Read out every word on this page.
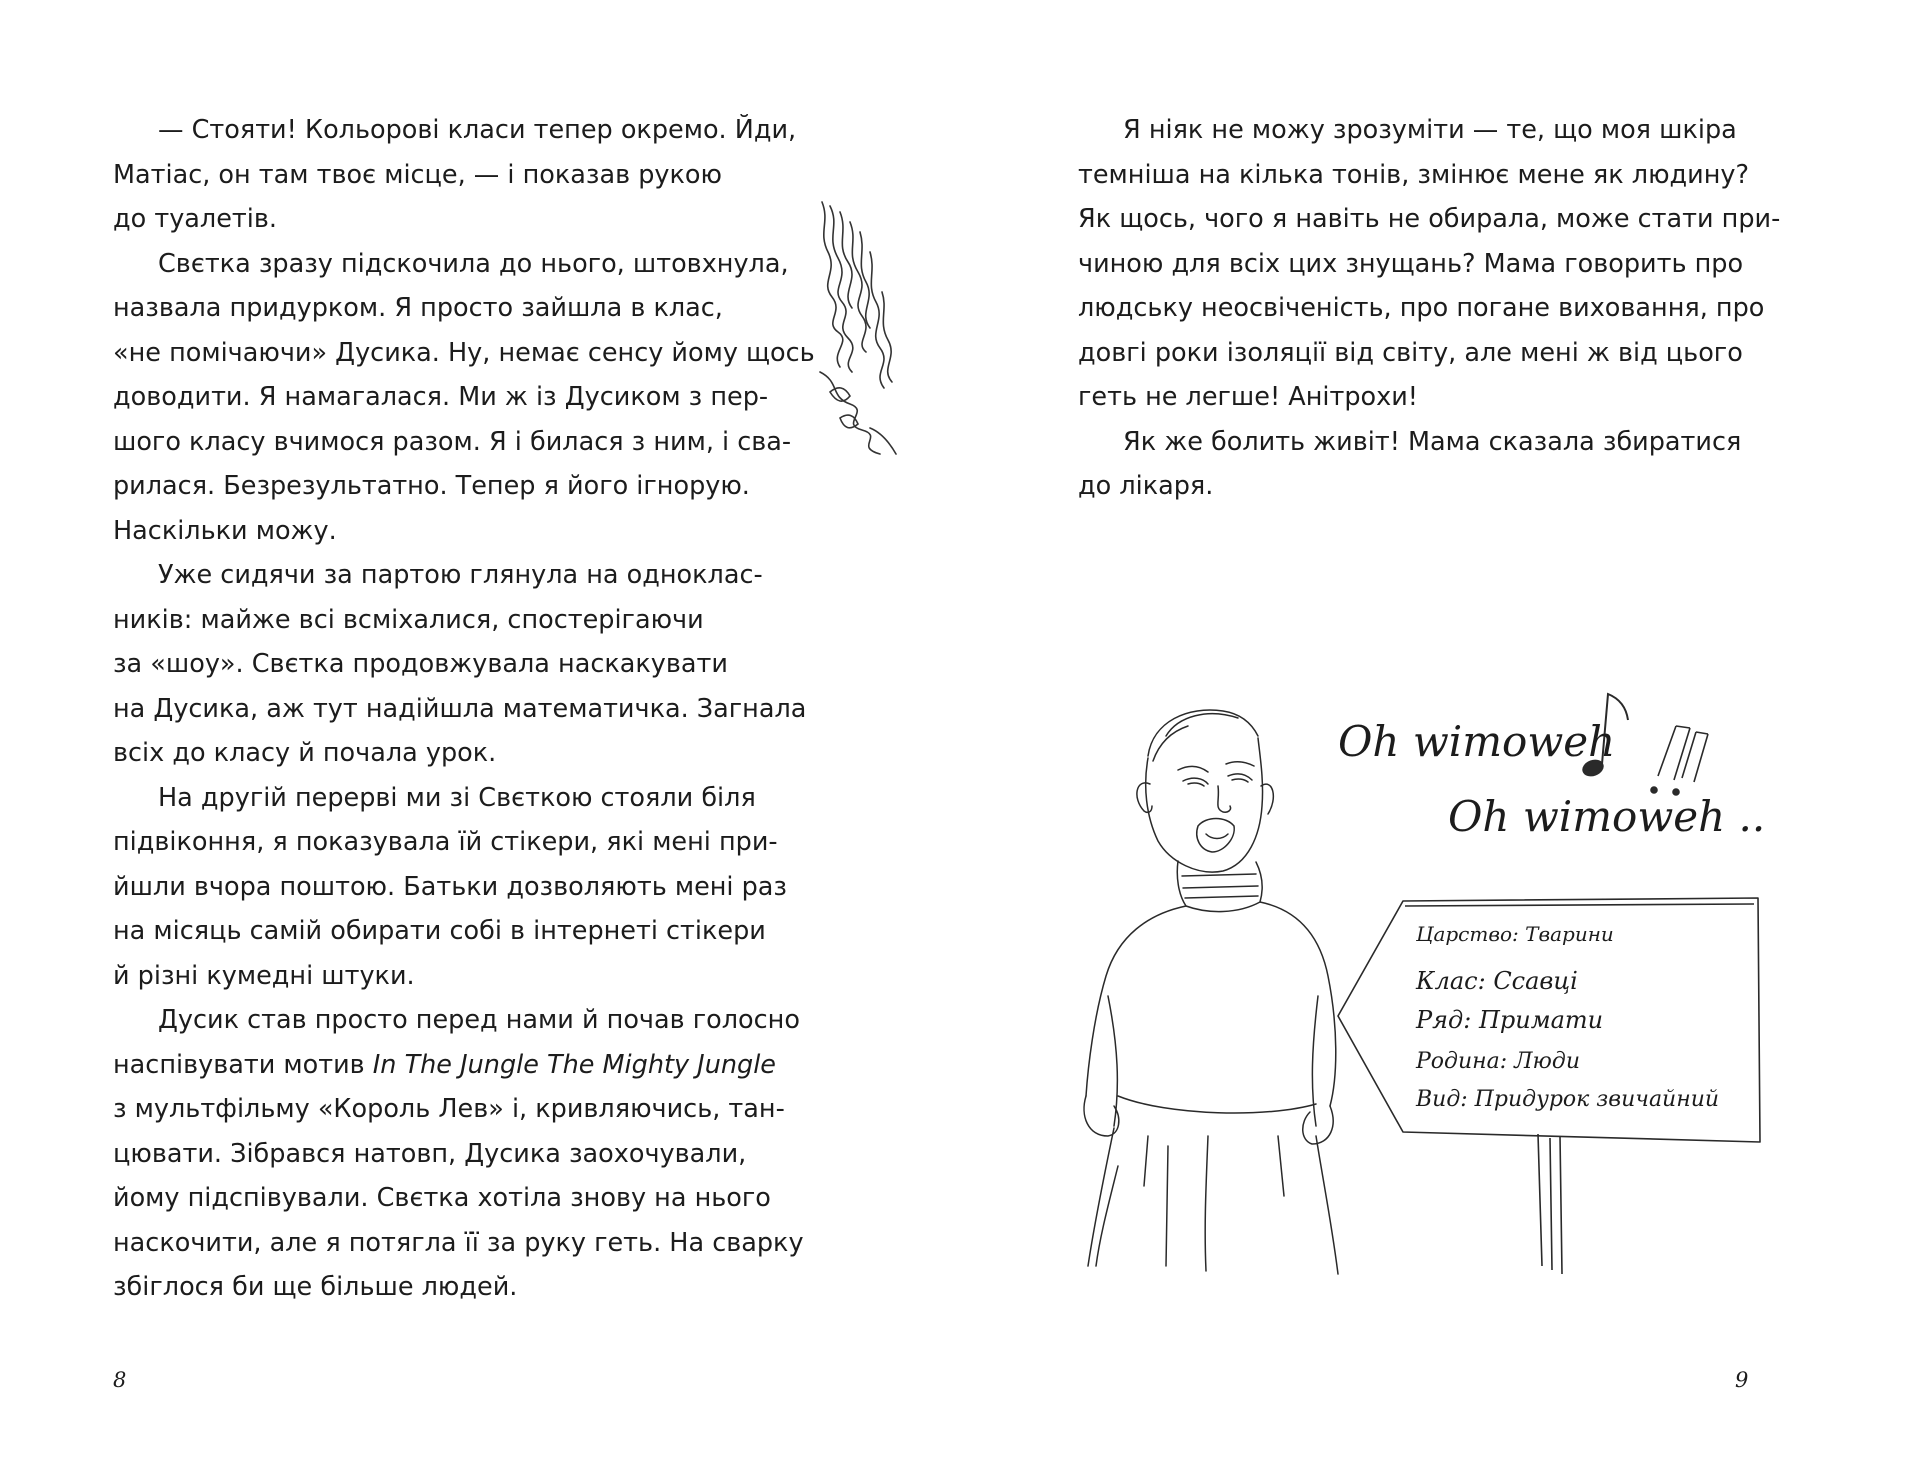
— Стояти! Кольорові класи тепер окремо. Йди,
Матіас, он там твоє місце, — і показав рукою
до туалетів.

Свєтка зразу підскочила до нього, штовхнула,
назвала придурком. Я просто зайшла в клас,
«не помічаючи» Дусика. Ну, немає сенсу йому щось
доводити. Я намагалася. Ми ж із Дусиком з пер-
шого класу вчимося разом. Я і билася з ним, і сва-
рилася. Безрезультатно. Тепер я його ігнорую.
Наскільки можу.

Уже сидячи за партою глянула на одноклас-
ників: майже всі всміхалися, спостерігаючи
за «шоу». Свєтка продовжувала наскакувати
на Дусика, аж тут надійшла математичка. Загнала
всіх до класу й почала урок.

На другій перерві ми зі Свєткою стояли біля
підвіконня, я показувала їй стікери, які мені при-
йшли вчора поштою. Батьки дозволяють мені раз
на місяць самій обирати собі в інтернеті стікери
й різні кумедні штуки.

Дусик став просто перед нами й почав голосно
наспівувати мотив In The Jungle The Mighty Jungle
з мультфільму «Король Лев» і, кривляючись, тан-
цювати. Зібрався натовп, Дусика заохочували,
йому підспівували. Свєтка хотіла знову на нього
наскочити, але я потягла її за руку геть. На сварку
збіглося би ще більше людей.

8

Я ніяк не можу зрозуміти — те, що моя шкіра
темніша на кілька тонів, змінює мене як людину?
Як щось, чого я навіть не обирала, може стати при-
чиною для всіх цих знущань? Мама говорить про
людську неосвіченість, про погане виховання, про
довгі роки ізоляції від світу, але мені ж від цього
геть не легше! Анітрохи!

Як же болить живіт! Мама сказала збиратися
до лікаря.

9
Oh wimoweh
Oh wimoweh ..
Царство: Тварини
Клас: Ссавці
Ряд: Примати
Родина: Люди
Вид: Придурок звичайний
